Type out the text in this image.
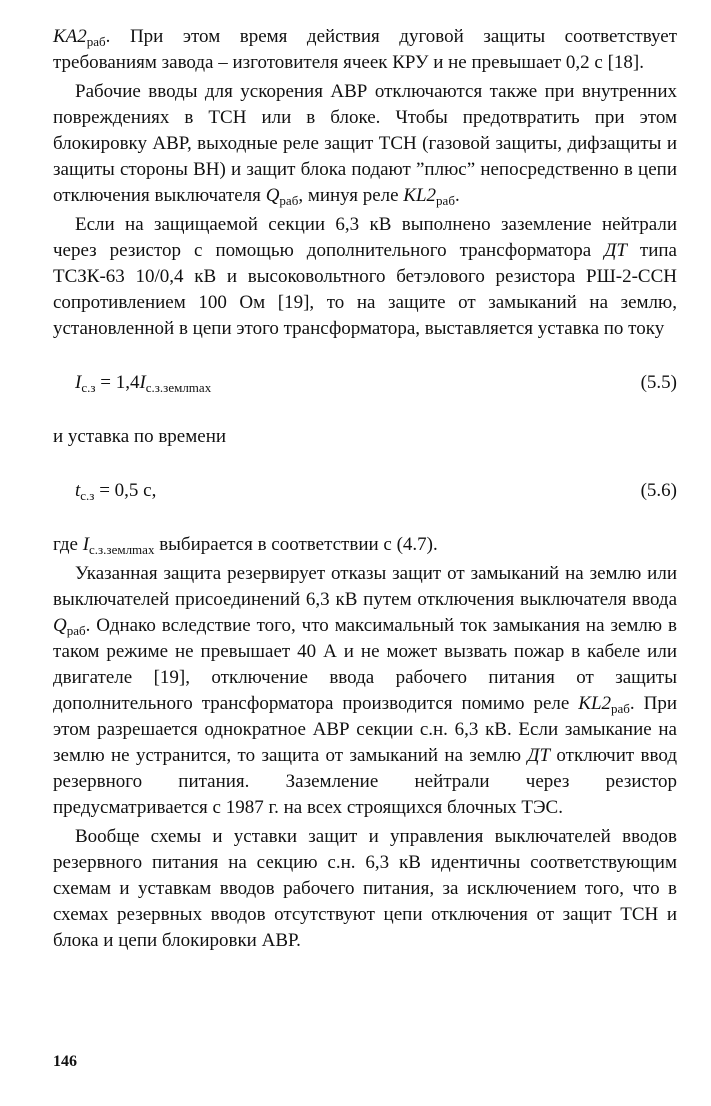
$KA2_{раб}$. При этом время действия дуговой защиты соответствует требованиям завода – изготовителя ячеек КРУ и не превышает 0,2 с [18].

Рабочие вводы для ускорения АВР отключаются также при внутренних повреждениях в ТСН или в блоке. Чтобы предотвратить при этом блокировку АВР, выходные реле защит ТСН (газовой защиты, дифзащиты и защиты стороны ВН) и защит блока подают ”плюс” непосредственно в цепи отключения выключателя $Q_{раб}$, минуя реле $KL2_{раб}$.

Если на защищаемой секции 6,3 кВ выполнено заземление нейтрали через резистор с помощью дополнительного трансформатора ДТ типа ТСЗК-63 10/0,4 кВ и высоковольтного бетэлового резистора РШ-2-ССН сопротивлением 100 Ом [19], то на защите от замыканий на землю, установленной в цепи этого трансформатора, выставляется уставка по току

$I_{с.з} = 1,4I_{с.з.землmax}$	(5.5)

и уставка по времени

$t_{с.з} = 0,5$ с,	(5.6)

где $I_{с.з.землmax}$ выбирается в соответствии с (4.7).

Указанная защита резервирует отказы защит от замыканий на землю или выключателей присоединений 6,3 кВ путем отключения выключателя ввода $Q_{раб}$. Однако вследствие того, что максимальный ток замыкания на землю в таком режиме не превышает 40 А и не может вызвать пожар в кабеле или двигателе [19], отключение ввода рабочего питания от защиты дополнительного трансформатора производится помимо реле $KL2_{раб}$. При этом разрешается однократное АВР секции с.н. 6,3 кВ. Если замыкание на землю не устранится, то защита от замыканий на землю ДТ отключит ввод резервного питания. Заземление нейтрали через резистор предусматривается с 1987 г. на всех строящихся блочных ТЭС.

Вообще схемы и уставки защит и управления выключателей вводов резервного питания на секцию с.н. 6,3 кВ идентичны соответствующим схемам и уставкам вводов рабочего питания, за исключением того, что в схемах резервных вводов отсутствуют цепи отключения от защит ТСН и блока и цепи блокировки АВР.

146
